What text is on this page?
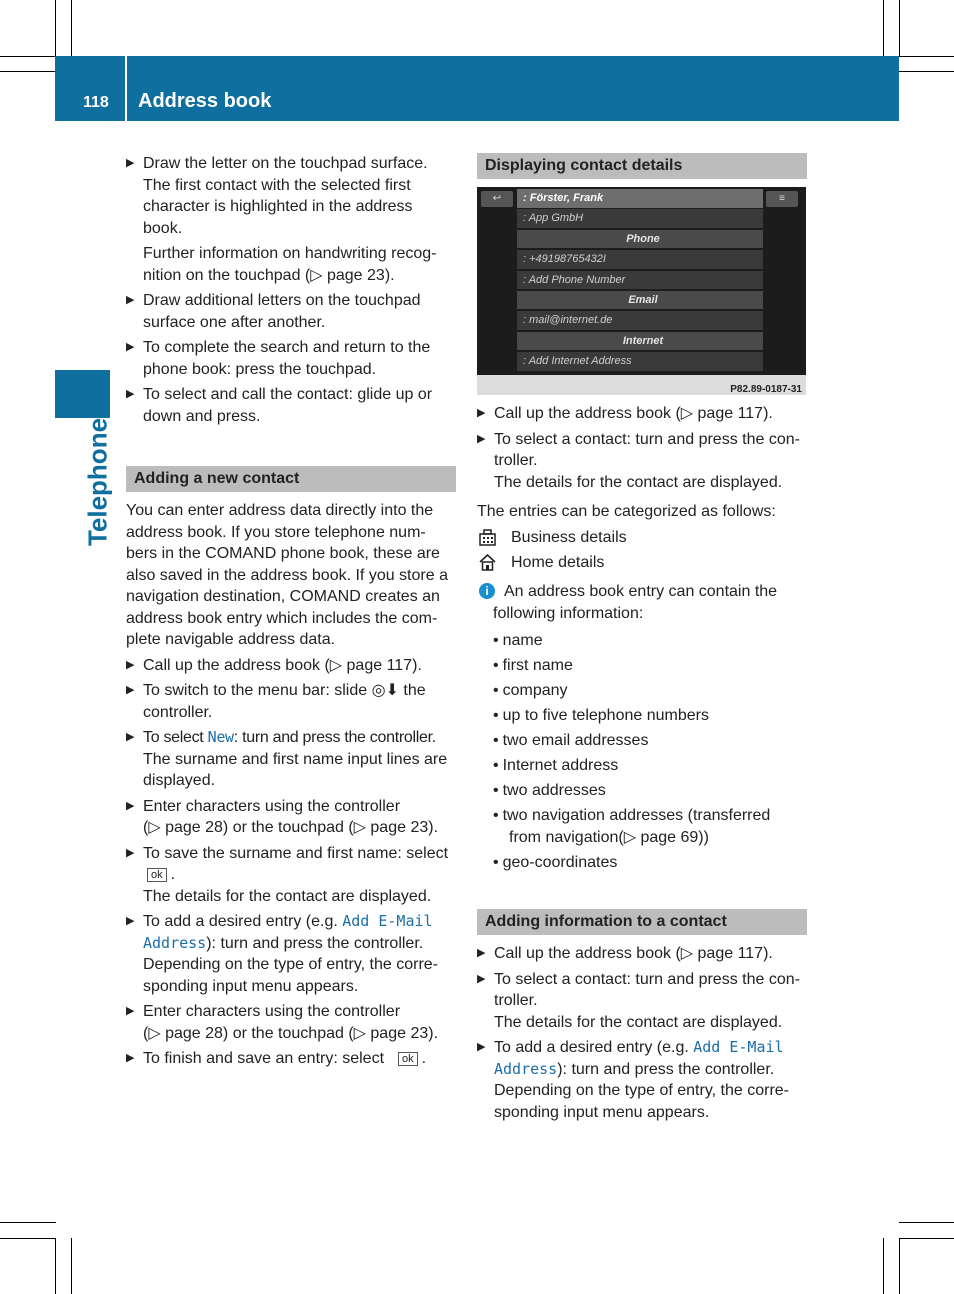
118 Address book
Telephone
▶ Draw the letter on the touchpad surface.
The first contact with the selected first
character is highlighted in the address
book.
Further information on handwriting recog-
nition on the touchpad (▷ page 23).
▶ Draw additional letters on the touchpad
surface one after another.
▶ To complete the search and return to the
phone book: press the touchpad.
▶ To select and call the contact: glide up or
down and press.
Adding a new contact
You can enter address data directly into the
address book. If you store telephone num-
bers in the COMAND phone book, these are
also saved in the address book. If you store a
navigation destination, COMAND creates an
address book entry which includes the com-
plete navigable address data.
▶ Call up the address book (▷ page 117).
▶ To switch to the menu bar: slide ◎⬇ the
controller.
▶ To select New: turn and press the controller.
The surname and first name input lines are
displayed.
▶ Enter characters using the controller
(▷ page 28) or the touchpad (▷ page 23).
▶ To save the surname and first name: select
ok .
The details for the contact are displayed.
▶ To add a desired entry (e.g. Add E-Mail
Address): turn and press the controller.
Depending on the type of entry, the corre-
sponding input menu appears.
▶ Enter characters using the controller
(▷ page 28) or the touchpad (▷ page 23).
▶ To finish and save an entry: select ok .
Displaying contact details
↩	≡
: Förster, Frank
: App GmbH
Phone
: +49198765432I
: Add Phone Number
Email
: mail@internet.de
Internet
: Add Internet Address
P82.89-0187-31
▶ Call up the address book (▷ page 117).
▶ To select a contact: turn and press the con-
troller.
The details for the contact are displayed.
The entries can be categorized as follows:
Business details
Home details
i An address book entry can contain the
following information:
• name
• first name
• company
• up to five telephone numbers
• two email addresses
• Internet address
• two addresses
• two navigation addresses (transferred
from navigation(▷ page 69))
• geo-coordinates
Adding information to a contact
▶ Call up the address book (▷ page 117).
▶ To select a contact: turn and press the con-
troller.
The details for the contact are displayed.
▶ To add a desired entry (e.g. Add E-Mail
Address): turn and press the controller.
Depending on the type of entry, the corre-
sponding input menu appears.
